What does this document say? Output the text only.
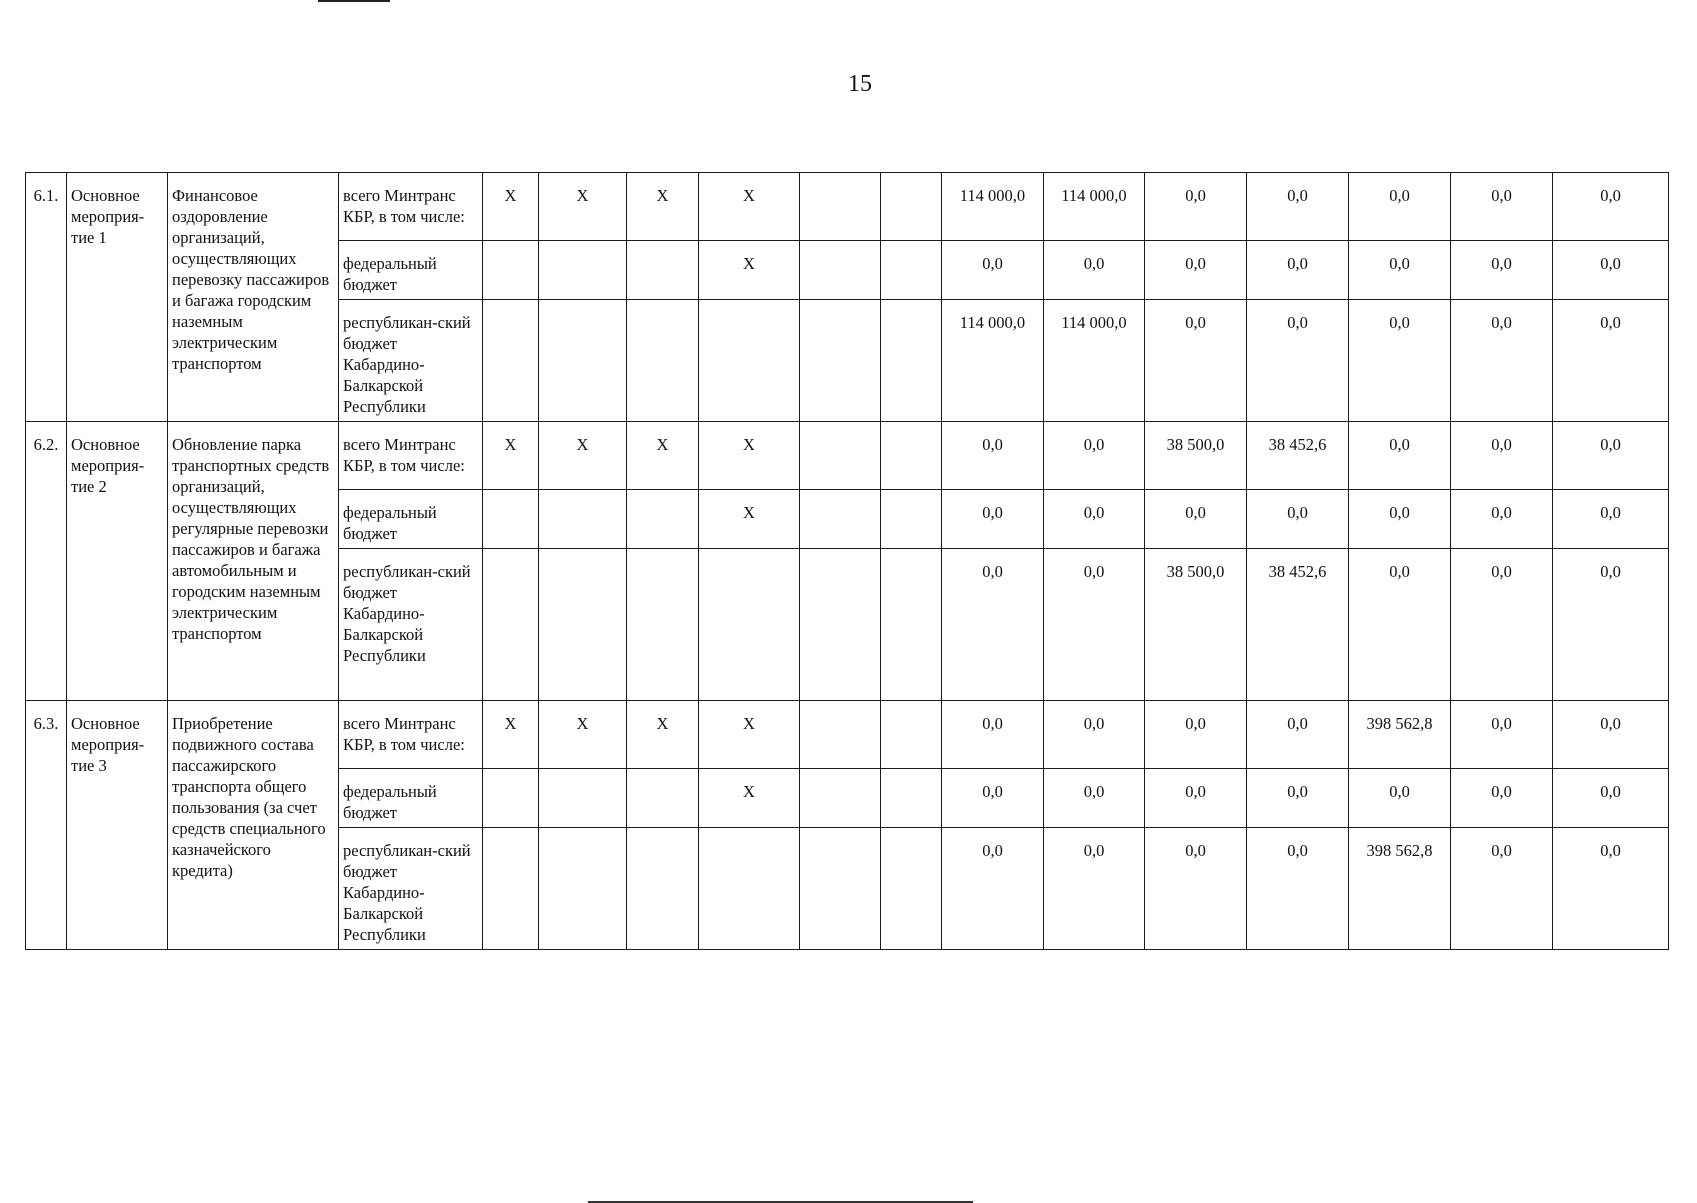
15
6.1.	Основное мероприя-тие 1	Финансовое оздоровление организаций, осуществляющих перевозку пассажиров и багажа городским наземным электрическим транспортом	всего Минтранс КБР, в том числе:	X	X	X	X			114 000,0	114 000,0	0,0	0,0	0,0	0,0	0,0
			федеральный бюджет				X			0,0	0,0	0,0	0,0	0,0	0,0	0,0
			республикан-ский бюджет Кабардино-Балкарской Республики							114 000,0	114 000,0	0,0	0,0	0,0	0,0	0,0
6.2.	Основное мероприя-тие 2	Обновление парка транспортных средств организаций, осуществляющих регулярные перевозки пассажиров и багажа автомобильным и городским наземным электрическим транспортом	всего Минтранс КБР, в том числе:	X	X	X	X			0,0	0,0	38 500,0	38 452,6	0,0	0,0	0,0
			федеральный бюджет				X			0,0	0,0	0,0	0,0	0,0	0,0	0,0
			республикан-ский бюджет Кабардино-Балкарской Республики							0,0	0,0	38 500,0	38 452,6	0,0	0,0	0,0
6.3.	Основное мероприя-тие 3	Приобретение подвижного состава пассажирского транспорта общего пользования (за счет средств специального казначейского кредита)	всего Минтранс КБР, в том числе:	X	X	X	X			0,0	0,0	0,0	0,0	398 562,8	0,0	0,0
			федеральный бюджет				X			0,0	0,0	0,0	0,0	0,0	0,0	0,0
			республикан-ский бюджет Кабардино-Балкарской Республики							0,0	0,0	0,0	0,0	398 562,8	0,0	0,0
